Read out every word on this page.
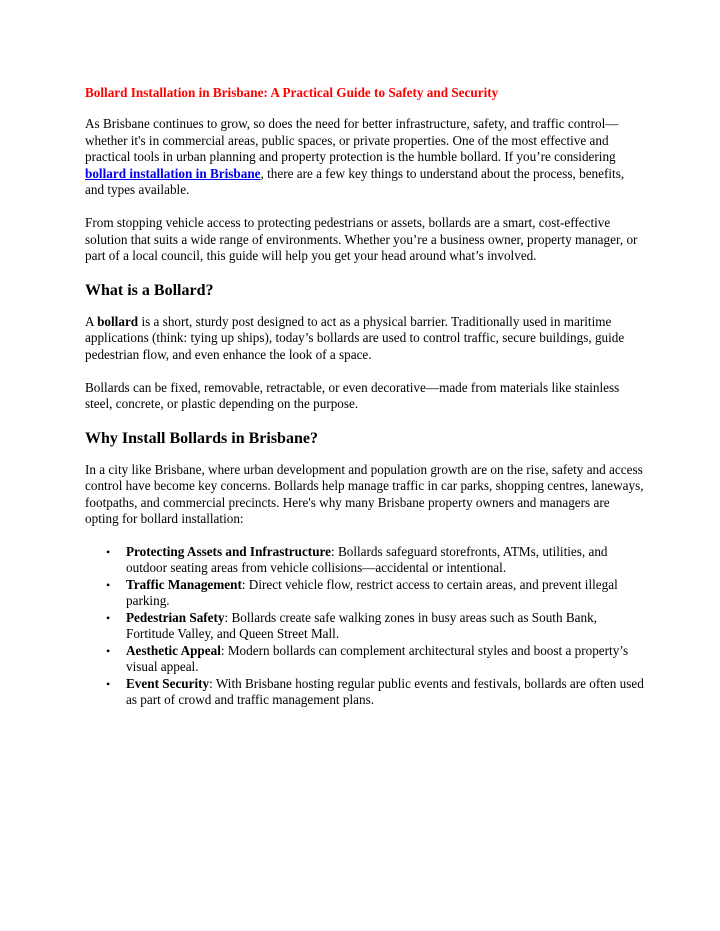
Bollard Installation in Brisbane: A Practical Guide to Safety and Security

As Brisbane continues to grow, so does the need for better infrastructure, safety, and traffic control—whether it's in commercial areas, public spaces, or private properties. One of the most effective and practical tools in urban planning and property protection is the humble bollard. If you’re considering bollard installation in Brisbane, there are a few key things to understand about the process, benefits, and types available.

From stopping vehicle access to protecting pedestrians or assets, bollards are a smart, cost-effective solution that suits a wide range of environments. Whether you’re a business owner, property manager, or part of a local council, this guide will help you get your head around what’s involved.

What is a Bollard?

A bollard is a short, sturdy post designed to act as a physical barrier. Traditionally used in maritime applications (think: tying up ships), today’s bollards are used to control traffic, secure buildings, guide pedestrian flow, and even enhance the look of a space.

Bollards can be fixed, removable, retractable, or even decorative—made from materials like stainless steel, concrete, or plastic depending on the purpose.

Why Install Bollards in Brisbane?

In a city like Brisbane, where urban development and population growth are on the rise, safety and access control have become key concerns. Bollards help manage traffic in car parks, shopping centres, laneways, footpaths, and commercial precincts. Here's why many Brisbane property owners and managers are opting for bollard installation:

• Protecting Assets and Infrastructure: Bollards safeguard storefronts, ATMs, utilities, and outdoor seating areas from vehicle collisions—accidental or intentional.
• Traffic Management: Direct vehicle flow, restrict access to certain areas, and prevent illegal parking.
• Pedestrian Safety: Bollards create safe walking zones in busy areas such as South Bank, Fortitude Valley, and Queen Street Mall.
• Aesthetic Appeal: Modern bollards can complement architectural styles and boost a property’s visual appeal.
• Event Security: With Brisbane hosting regular public events and festivals, bollards are often used as part of crowd and traffic management plans.
